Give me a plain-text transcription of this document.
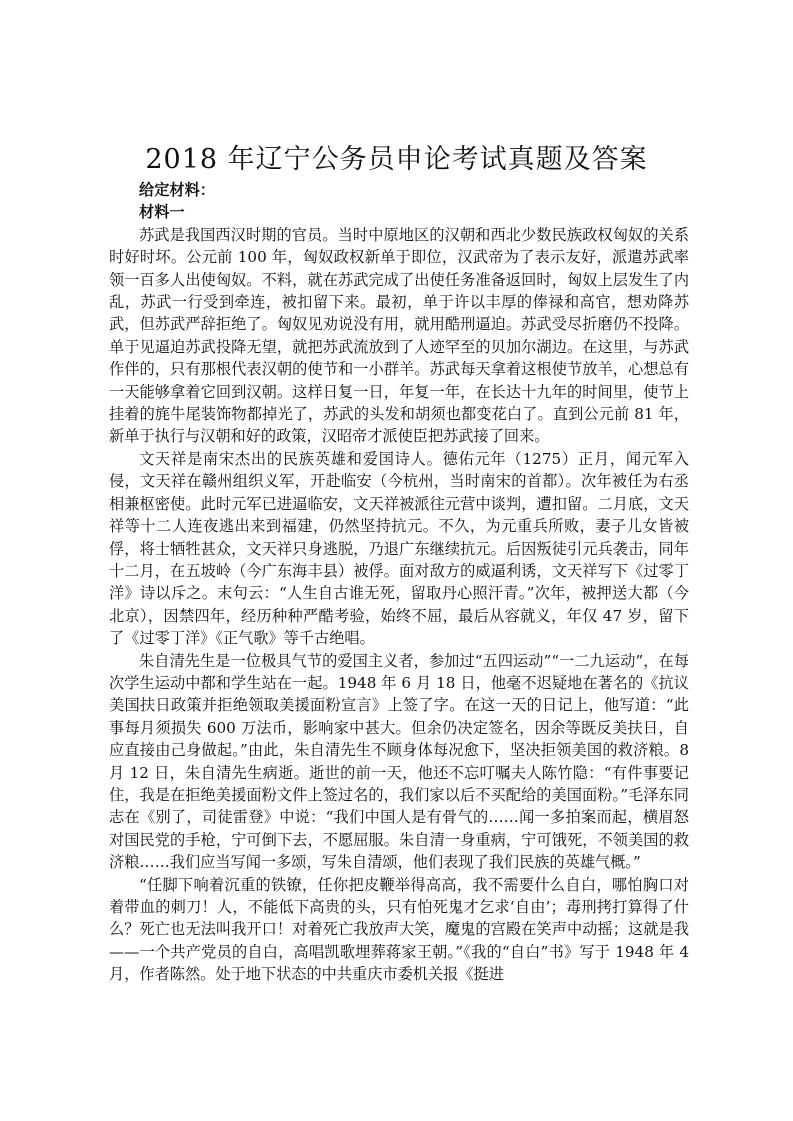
2018 年辽宁公务员申论考试真题及答案

给定材料：

材料一

苏武是我国西汉时期的官员。当时中原地区的汉朝和西北少数民族政权匈奴的关系时好时坏。公元前 100 年，匈奴政权新单于即位，汉武帝为了表示友好，派遣苏武率领一百多人出使匈奴。不料，就在苏武完成了出使任务准备返回时，匈奴上层发生了内乱，苏武一行受到牵连，被扣留下来。最初，单于许以丰厚的俸禄和高官，想劝降苏武，但苏武严辞拒绝了。匈奴见劝说没有用，就用酷刑逼迫。苏武受尽折磨仍不投降。单于见逼迫苏武投降无望，就把苏武流放到了人迹罕至的贝加尔湖边。在这里，与苏武作伴的，只有那根代表汉朝的使节和一小群羊。苏武每天拿着这根使节放羊，心想总有一天能够拿着它回到汉朝。这样日复一日，年复一年，在长达十九年的时间里，使节上挂着的旄牛尾装饰物都掉光了，苏武的头发和胡须也都变花白了。直到公元前 81 年，新单于执行与汉朝和好的政策，汉昭帝才派使臣把苏武接了回来。

文天祥是南宋杰出的民族英雄和爱国诗人。德佑元年（1275）正月，闻元军入侵，文天祥在赣州组织义军，开赴临安（今杭州，当时南宋的首都）。次年被任为右丞相兼枢密使。此时元军已进逼临安，文天祥被派往元营中谈判，遭扣留。二月底，文天祥等十二人连夜逃出来到福建，仍然坚持抗元。不久，为元重兵所败，妻子儿女皆被俘，将士牺牲甚众，文天祥只身逃脱，乃退广东继续抗元。后因叛徒引元兵袭击，同年十二月，在五坡岭（今广东海丰县）被俘。面对敌方的威逼利诱，文天祥写下《过零丁洋》诗以斥之。末句云：“人生自古谁无死，留取丹心照汗青。”次年，被押送大都（今北京），因禁四年，经历种种严酷考验，始终不屈，最后从容就义，年仅 47 岁，留下了《过零丁洋》《正气歌》等千古绝唱。

朱自清先生是一位极具气节的爱国主义者，参加过“五四运动”“一二九运动”，在每次学生运动中都和学生站在一起。1948 年 6 月 18 日，他毫不迟疑地在著名的《抗议美国扶日政策并拒绝领取美援面粉宣言》上签了字。在这一天的日记上，他写道：“此事每月须损失 600 万法币，影响家中甚大。但余仍决定签名，因余等既反美扶日，自应直接由己身做起。”由此，朱自清先生不顾身体每况愈下，坚决拒领美国的救济粮。8 月 12 日，朱自清先生病逝。逝世的前一天，他还不忘叮嘱夫人陈竹隐：“有件事要记住，我是在拒绝美援面粉文件上签过名的，我们家以后不买配给的美国面粉。”毛泽东同志在《别了，司徒雷登》中说：“我们中国人是有骨气的……闻一多拍案而起，横眉怒对国民党的手枪，宁可倒下去，不愿屈服。朱自清一身重病，宁可饿死，不领美国的救济粮……我们应当写闻一多颂，写朱自清颂，他们表现了我们民族的英雄气概。”

“任脚下响着沉重的铁镣，任你把皮鞭举得高高，我不需要什么自白，哪怕胸口对着带血的刺刀！人，不能低下高贵的头，只有怕死鬼才乞求‘自由’；毒刑拷打算得了什么？死亡也无法叫我开口！对着死亡我放声大笑，魔鬼的宫殿在笑声中动摇；这就是我——一个共产党员的自白，高唱凯歌埋葬蒋家王朝。”《我的“自白”书》写于 1948 年 4 月，作者陈然。处于地下状态的中共重庆市委机关报《挺进
